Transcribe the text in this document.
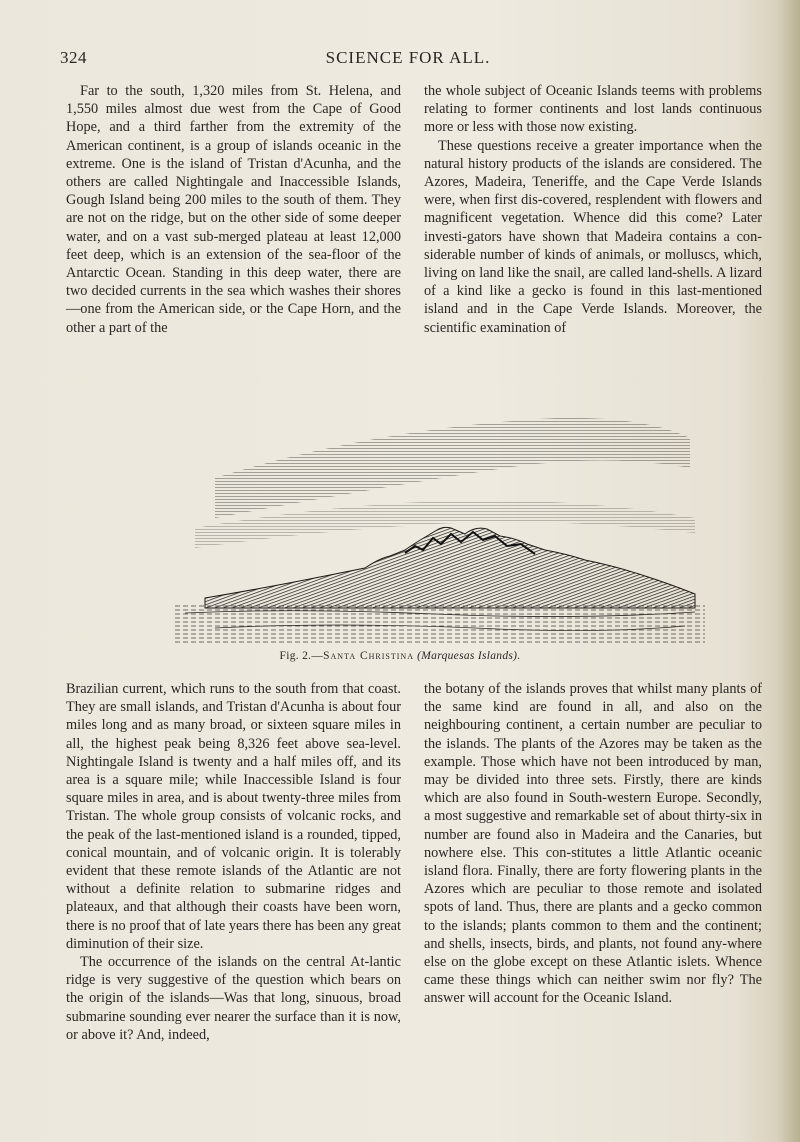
324	SCIENCE FOR ALL.

Far to the south, 1,320 miles from St. Helena, and 1,550 miles almost due west from the Cape of Good Hope, and a third farther from the extremity of the American continent, is a group of islands oceanic in the extreme. One is the island of Tristan d'Acunha, and the others are called Nightingale and Inaccessible Islands, Gough Island being 200 miles to the south of them. They are not on the ridge, but on the other side of some deeper water, and on a vast sub-merged plateau at least 12,000 feet deep, which is an extension of the sea-floor of the Antarctic Ocean. Standing in this deep water, there are two decided currents in the sea which washes their shores—one from the American side, or the Cape Horn, and the other a part of the

the whole subject of Oceanic Islands teems with problems relating to former continents and lost lands continuous more or less with those now existing.

These questions receive a greater importance when the natural history products of the islands are considered. The Azores, Madeira, Teneriffe, and the Cape Verde Islands were, when first dis-covered, resplendent with flowers and magnificent vegetation. Whence did this come? Later investi-gators have shown that Madeira contains a con-siderable number of kinds of animals, or molluscs, which, living on land like the snail, are called land-shells. A lizard of a kind like a gecko is found in this last-mentioned island and in the Cape Verde Islands. Moreover, the scientific examination of

Fig. 2.—Santa Christina (Marquesas Islands).

Brazilian current, which runs to the south from that coast. They are small islands, and Tristan d'Acunha is about four miles long and as many broad, or sixteen square miles in all, the highest peak being 8,326 feet above sea-level. Nightingale Island is twenty and a half miles off, and its area is a square mile; while Inaccessible Island is four square miles in area, and is about twenty-three miles from Tristan. The whole group consists of volcanic rocks, and the peak of the last-mentioned island is a rounded, tipped, conical mountain, and of volcanic origin. It is tolerably evident that these remote islands of the Atlantic are not without a definite relation to submarine ridges and plateaux, and that although their coasts have been worn, there is no proof that of late years there has been any great diminution of their size.

The occurrence of the islands on the central At-lantic ridge is very suggestive of the question which bears on the origin of the islands—Was that long, sinuous, broad submarine sounding ever nearer the surface than it is now, or above it? And, indeed,

the botany of the islands proves that whilst many plants of the same kind are found in all, and also on the neighbouring continent, a certain number are peculiar to the islands. The plants of the Azores may be taken as the example. Those which have not been introduced by man, may be divided into three sets. Firstly, there are kinds which are also found in South-western Europe. Secondly, a most suggestive and remarkable set of about thirty-six in number are found also in Madeira and the Canaries, but nowhere else. This con-stitutes a little Atlantic oceanic island flora. Finally, there are forty flowering plants in the Azores which are peculiar to those remote and isolated spots of land. Thus, there are plants and a gecko common to the islands; plants common to them and the continent; and shells, insects, birds, and plants, not found any-where else on the globe except on these Atlantic islets. Whence came these things which can neither swim nor fly? The answer will account for the Oceanic Island.
